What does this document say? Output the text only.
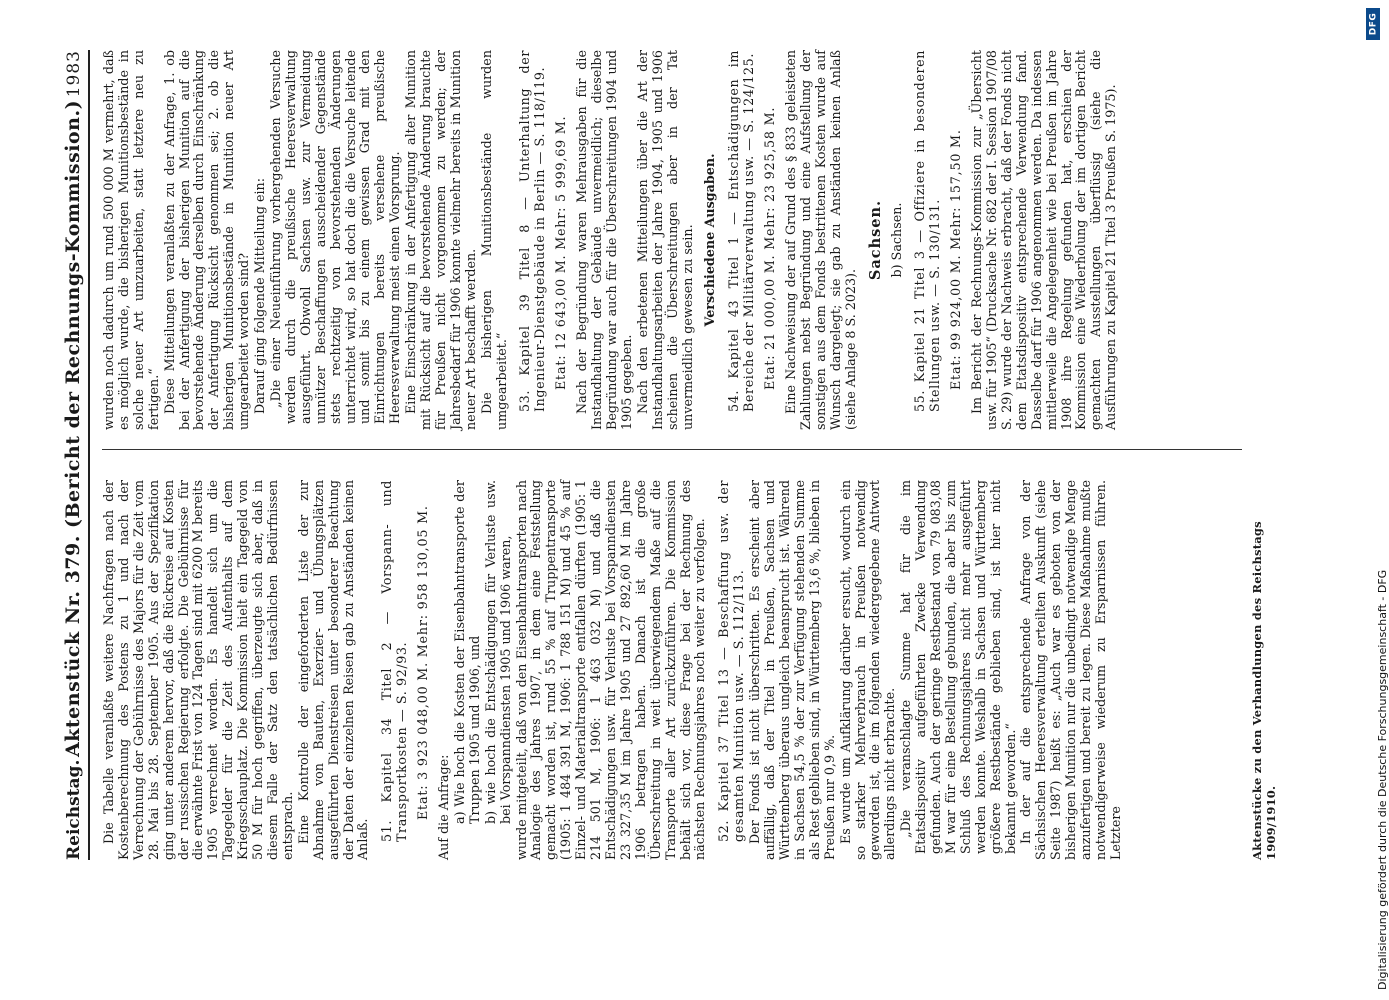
Reichstag.
Aktenstück Nr. 379. (Bericht der Rechnungs-Kommission.)
1983

Die Tabelle veranlaßte weitere Nachfragen nach der Kostenberechnung des Postens zu 1 und nach der Verrechnung der Gebührnisse des Majors für die Zeit vom 28. Mai bis 28. September 1905. Aus der Spezifikation ging unter anderem hervor, daß die Rückreise auf Kosten der russischen Regierung erfolgte. Die Gebührnisse für die erwähnte Frist von 124 Tagen sind mit 6200 M bereits 1905 verrechnet worden. Es handelt sich um die Tagegelder für die Zeit des Aufenthalts auf dem Kriegsschauplatz. Die Kommission hielt ein Tagegeld von 50 M für hoch gegriffen, überzeugte sich aber, daß in diesem Falle der Satz den tatsächlichen Bedürfnissen entsprach. Eine Kontrolle der eingeforderten Liste der zur Abnahme von Bauten, Exerzier- und Übungsplätzen ausgeführten Dienstreisen unter besonderer Beachtung der Daten der einzelnen Reisen gab zu Anständen keinen Anlaß. 51. Kapitel 34 Titel 2 — Vorspann- und Transportkosten — S. 92/93. Etat: 3 923 048,00 M. Mehr: 958 130,05 M. Auf die Anfrage: a) Wie hoch die Kosten der Eisenbahntransporte der Truppen 1905 und 1906, und b) wie hoch die Entschädigungen für Verluste usw. bei Vorspanndiensten 1905 und 1906 waren, wurde mitgeteilt, daß von den Eisenbahntransporten nach Analogie des Jahres 1907, in dem eine Feststellung gemacht worden ist, rund 55 % auf Truppentransporte (1905: 1 484 391 M, 1906: 1 788 151 M) und 45 % auf Einzel- und Materialtransporte entfallen dürften (1905: 1 214 501 M, 1906: 1 463 032 M) und daß die Entschädigungen usw. für Verluste bei Vorspanndiensten 23 327,35 M im Jahre 1905 und 27 892,60 M im Jahre 1906 betragen haben. Danach ist die große Überschreitung in weit überwiegendem Maße auf die Transporte aller Art zurückzuführen. Die Kommission behält sich vor, diese Frage bei der Rechnung des nächsten Rechnungsjahres noch weiter zu verfolgen. 52. Kapitel 37 Titel 13 — Beschaffung usw. der gesamten Munition usw. — S. 112/113. Der Fonds ist nicht überschritten. Es erscheint aber auffällig, daß der Titel in Preußen, Sachsen und Württemberg überaus ungleich beansprucht ist. Während in Sachsen 54,5 % der zur Verfügung stehenden Summe als Rest geblieben sind, in Württemberg 13,6 %, blieben in Preußen nur 0,9 %. Es wurde um Aufklärung darüber ersucht, wodurch ein so starker Mehrverbrauch in Preußen notwendig geworden ist, die im folgenden wiedergegebene Antwort allerdings nicht erbrachte. „Die veranschlagte Summe hat für die im Etatsdispositiv aufgeführten Zwecke Verwendung gefunden. Auch der geringe Restbestand von 79 083,08 M war für eine Bestellung gebunden, die aber bis zum Schluß des Rechnungsjahres nicht mehr ausgeführt werden konnte. Weshalb in Sachsen und Württemberg größere Restbestände geblieben sind, ist hier nicht bekannt geworden.“ In der auf die entsprechende Anfrage von der Sächsischen Heeresverwaltung erteilten Auskunft (siehe Seite 1987) heißt es: „Auch war es geboten von der bisherigen Munition nur die unbedingt notwendige Menge anzufertigen und bereit zu legen. Diese Maßnahme mußte notwendigerweise wiederum zu Ersparnissen führen. Letztere

wurden noch dadurch um rund 500 000 M vermehrt, daß es möglich wurde, die bisherigen Munitionsbestände in solche neuer Art umzuarbeiten, statt letztere neu zu fertigen.“ Diese Mitteilungen veranlaßten zu der Anfrage, 1. ob bei der Anfertigung der bisherigen Munition auf die bevorstehende Änderung derselben durch Einschränkung der Anfertigung Rücksicht genommen sei; 2. ob die bisherigen Munitionsbestände in Munition neuer Art umgearbeitet worden sind? Darauf ging folgende Mitteilung ein: „Die einer Neueinführung vorhergehenden Versuche werden durch die preußische Heeresverwaltung ausgeführt. Obwohl Sachsen usw. zur Vermeidung unnützer Beschaffungen ausscheidender Gegenstände stets rechtzeitig von bevorstehenden Änderungen unterrichtet wird, so hat doch die die Versuche leitende und somit bis zu einem gewissen Grad mit den Einrichtungen bereits versehene preußische Heeresverwaltung meist einen Vorsprung. Eine Einschränkung in der Anfertigung alter Munition mit Rücksicht auf die bevorstehende Änderung brauchte für Preußen nicht vorgenommen zu werden; der Jahresbedarf für 1906 konnte vielmehr bereits in Munition neuer Art beschafft werden. Die bisherigen Munitionsbestände wurden umgearbeitet.“ 53. Kapitel 39 Titel 8 — Unterhaltung der Ingenieur-Dienstgebäude in Berlin — S. 118/119. Etat: 12 643,00 M. Mehr: 5 999,69 M. Nach der Begründung waren Mehrausgaben für die Instandhaltung der Gebäude unvermeidlich; dieselbe Begründung war auch für die Überschreitungen 1904 und 1905 gegeben. Nach den erbetenen Mitteilungen über die Art der Instandhaltungsarbeiten der Jahre 1904, 1905 und 1906 scheinen die Überschreitungen aber in der Tat unvermeidlich gewesen zu sein. Verschiedene Ausgaben. 54. Kapitel 43 Titel 1 — Entschädigungen im Bereiche der Militärverwaltung usw. — S. 124/125. Etat: 21 000,00 M. Mehr: 23 925,58 M. Eine Nachweisung der auf Grund des § 833 geleisteten Zahlungen nebst Begründung und eine Aufstellung der sonstigen aus dem Fonds bestrittenen Kosten wurde auf Wunsch dargelegt; sie gab zu Anständen keinen Anlaß (siehe Anlage 8 S. 2023).

Sachsen. b) Sachsen. 55. Kapitel 21 Titel 3 — Offiziere in besonderen Stellungen usw. — S. 130/131. Etat: 99 924,00 M. Mehr: 157,50 M. Im Bericht der Rechnungs-Kommission zur „Übersicht usw. für 1905“ (Drucksache Nr. 682 der I. Session 1907/08 S. 29) wurde der Nachweis erbracht, daß der Fonds nicht dem Etatsdispositiv entsprechende Verwendung fand. Dasselbe darf für 1906 angenommen werden. Da indessen mittlerweile die Angelegenheit wie bei Preußen im Jahre 1908 ihre Regelung gefunden hat, erschien der Kommission eine Wiederholung der im dortigen Bericht gemachten Ausstellungen überflüssig (siehe die Ausführungen zu Kapitel 21 Titel 3 Preußen S. 1975).

Aktenstücke zu den Verhandlungen des Reichstags 1909/1910.	Digitalisierung gefördert durch die Deutsche Forschungsgemeinschaft - DFG
DFG
